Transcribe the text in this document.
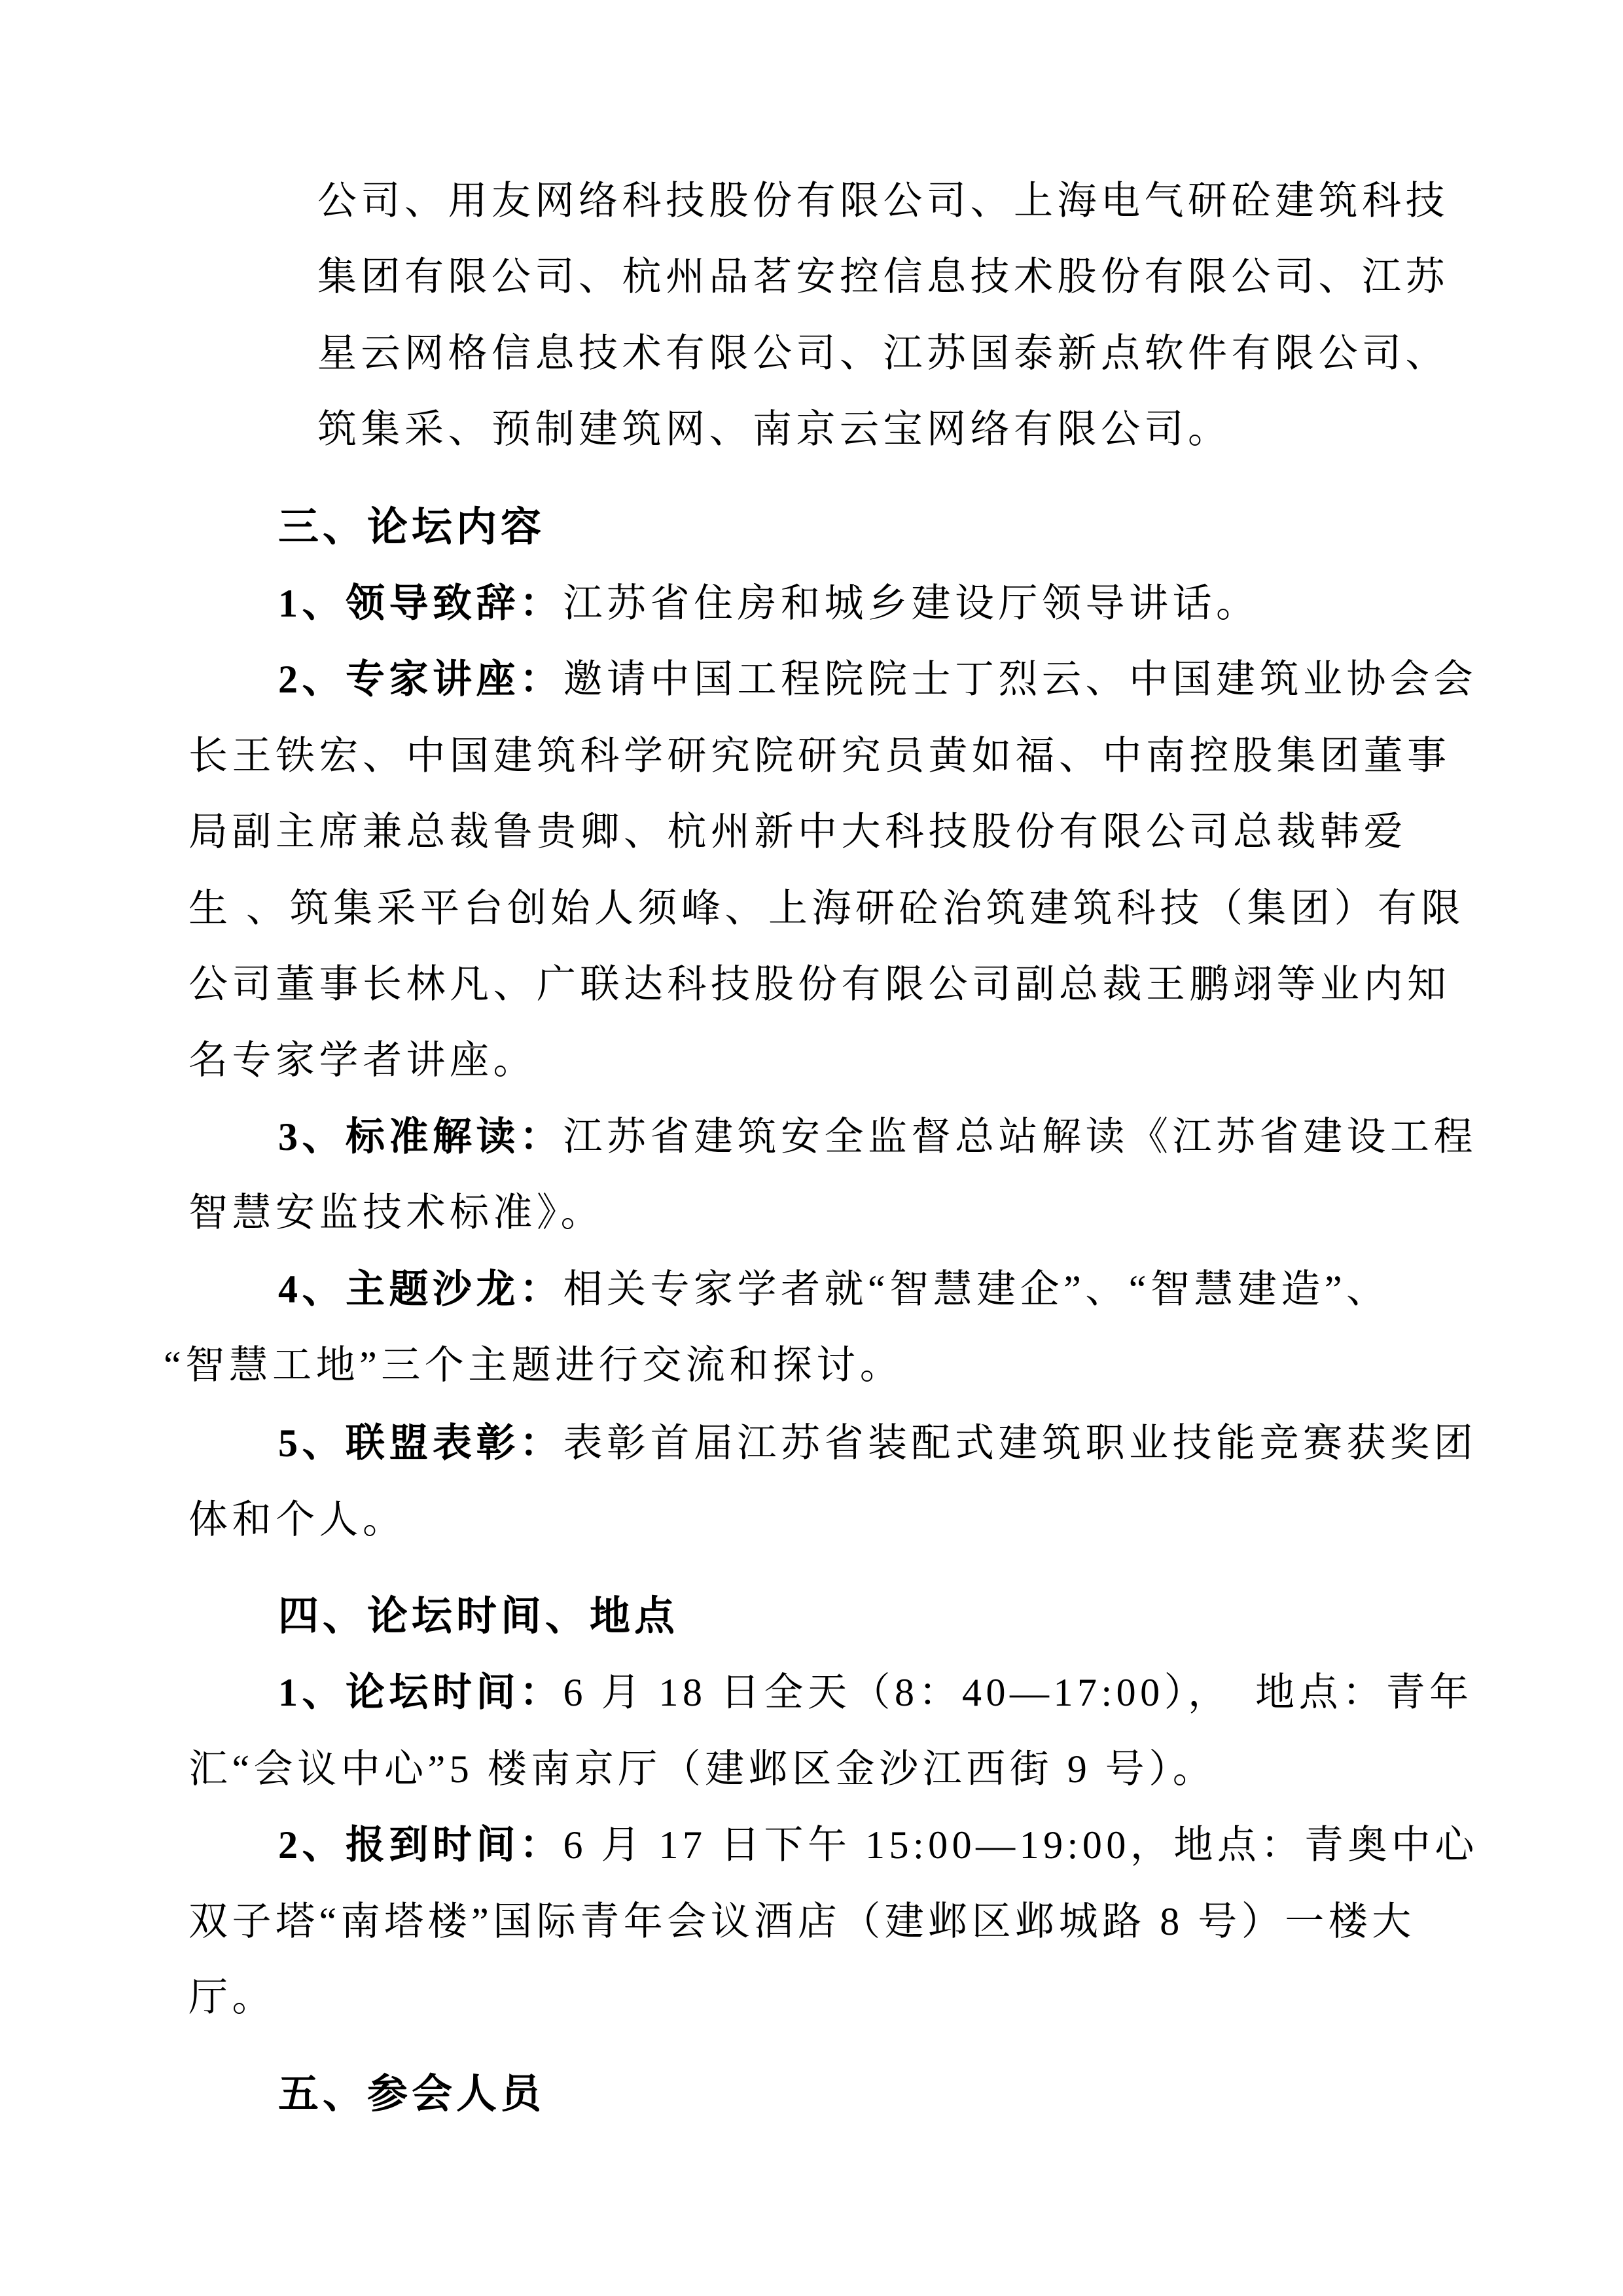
公司、用友网络科技股份有限公司、上海电气研砼建筑科技
集团有限公司、杭州品茗安控信息技术股份有限公司、江苏
星云网格信息技术有限公司、江苏国泰新点软件有限公司、
筑集采、预制建筑网、南京云宝网络有限公司。
三、论坛内容
1、领导致辞：江苏省住房和城乡建设厅领导讲话。
2、专家讲座：邀请中国工程院院士丁烈云、中国建筑业协会会
长王铁宏、中国建筑科学研究院研究员黄如福、中南控股集团董事
局副主席兼总裁鲁贵卿、杭州新中大科技股份有限公司总裁韩爱
生 、筑集采平台创始人须峰、上海研砼治筑建筑科技（集团）有限
公司董事长林凡、广联达科技股份有限公司副总裁王鹏翊等业内知
名专家学者讲座。
3、标准解读：江苏省建筑安全监督总站解读《江苏省建设工程
智慧安监技术标准》。
4、主题沙龙：相关专家学者就“智慧建企”、“智慧建造”、
“智慧工地”三个主题进行交流和探讨。
5、联盟表彰：表彰首届江苏省装配式建筑职业技能竞赛获奖团
体和个人。
四、论坛时间、地点
1、论坛时间：6 月 18 日全天（8：40—17:00），　地点：青年
汇“会议中心”5 楼南京厅（建邺区金沙江西街 9 号）。
2、报到时间：6 月 17 日下午 15:00—19:00，地点：青奥中心
双子塔“南塔楼”国际青年会议酒店（建邺区邺城路 8 号）一楼大
厅。
五、参会人员
